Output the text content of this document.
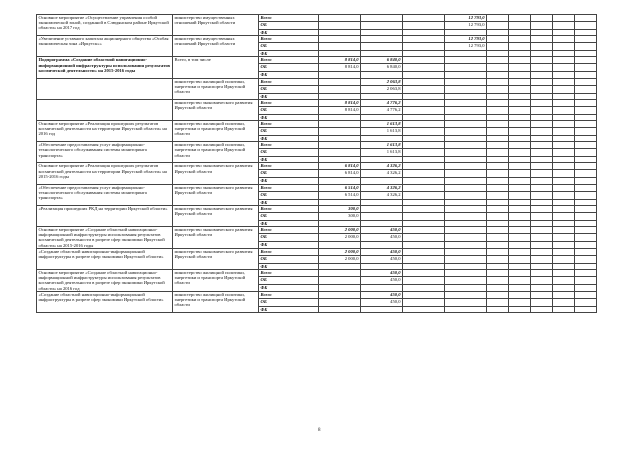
Основное мероприятие «Осуществление управления особой экономической зоной, созданной в Слюдянском районе Иркутской области» на 2017 год	министерство имущественных отношений Иркутской области	Всего				12 793,0					
		ОБ				12 793,0					
		ФБ									
«Увеличение уставного капитала акционерного общества «Особая экономическая зона «Иркутск»»	министерство имущественных отношений Иркутской области	Всего				12 793,0					
		ОБ				12 793,0					
		ФБ									
Подпрограмма «Создание областной навигационно-информационной инфраструктуры использования результатов космической деятельности» на 2015-2016 годы	Всего, в том числе	Всего	8 814,0	6 840,0							
		ОБ	8 814,0	6 840,0							
		ФБ									
	министерство жилищной политики, энергетики и транспорта Иркутской области	Всего		2 063,8							
		ОБ		2 063,8							
		ФБ									
	министерство экономического развития Иркутской области	Всего	8 814,0	4 776,2							
		ОБ	8 814,0	4 776,2							
		ФБ									
Основное мероприятие «Реализация прошедших результатов космической деятельности на территории Иркутской области» на 2016 год	министерство жилищной политики, энергетики и транспорта Иркутской области	Всего		1 613,8							
		ОБ		1 613,8							
		ФБ									
«Обеспечение предоставления услуг информационно-технологического обслуживания системы мониторинга транспорта»	министерство жилищной политики, энергетики и транспорта Иркутской области	Всего		1 613,8							
		ОБ		1 613,8							
		ФБ									
Основное мероприятие «Реализация прошедших результатов космической деятельности на территории Иркутской области» на 2015-2016 годы	министерство экономического развития Иркутской области	Всего	6 814,0	4 326,2							
		ОБ	6 814,0	4 326,2							
		ФБ									
«Обеспечение предоставления услуг информационно-технологического обслуживания системы мониторинга транспорта»	министерство экономического развития Иркутской области	Всего	6 514,0	4 326,2							
		ОБ	6 514,0	4 326,2							
		ФБ									
«Реализация прошедших РКД на территории Иркутской области»	министерство экономического развития Иркутской области	Всего	300,0								
		ОБ	300,0								
		ФБ									
Основное мероприятие «Создание областной навигационно-информационной инфраструктуры использования результатов космической деятельности в разрезе сфер экономики Иркутской области» на 2015-2016 годы	министерство экономического развития Иркутской области	Всего	2 000,0	450,0							
		ОБ	2 000,0	450,0							
		ФБ									
«Создание областной навигационно-информационной инфраструктуры в разрезе сфер экономики Иркутской области»	министерство экономического развития Иркутской области	Всего	2 000,0	450,0							
		ОБ	2 000,0	450,0							
		ФБ									
Основное мероприятие «Создание областной навигационно-информационной инфраструктуры использования результатов космической деятельности в разрезе сфер экономики Иркутской области» на 2016 год	министерство жилищной политики, энергетики и транспорта Иркутской области	Всего		450,0							
		ОБ		450,0							
		ФБ									
«Создание областной навигационно-информационной инфраструктуры в разрезе сфер экономики Иркутской области»	министерство жилищной политики, энергетики и транспорта Иркутской области	Всего		450,0							
		ОБ		450,0							
		ФБ									
8
